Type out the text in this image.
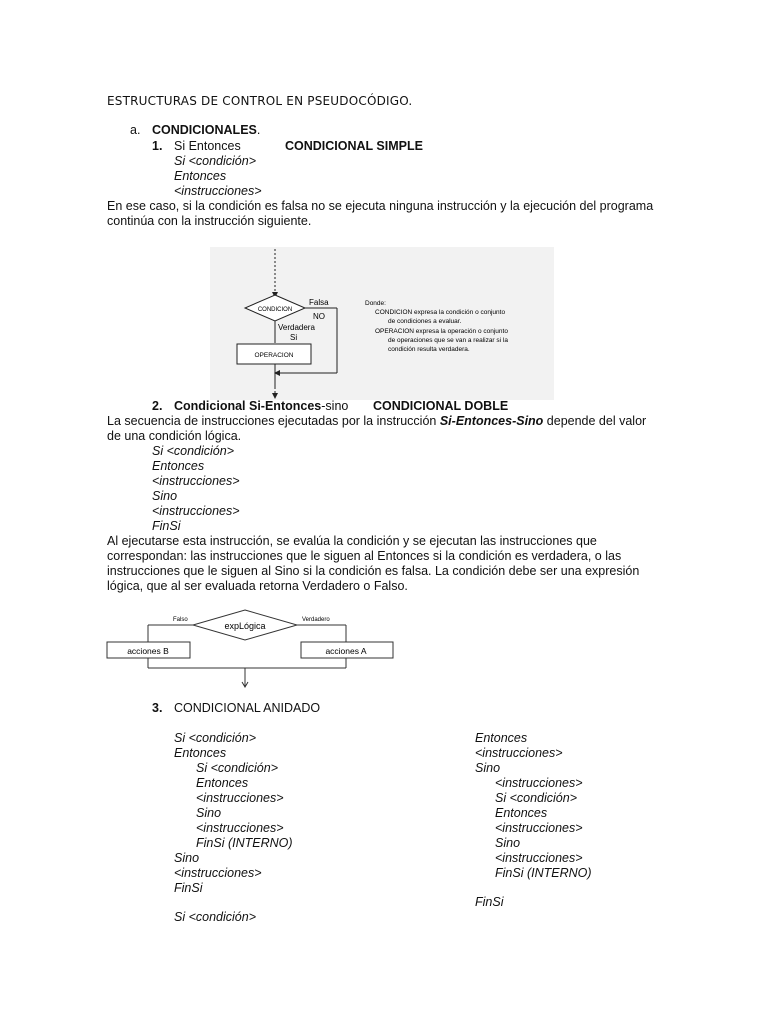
ESTRUCTURAS DE CONTROL EN PSEUDOCÓDIGO.
a. CONDICIONALES.
1. Si Entonces	CONDICIONAL SIMPLE
Si <condición>
Entonces
<instrucciones>
En ese caso, si la condición es falsa no se ejecuta ninguna instrucción y la ejecución del programa
continúa con la instrucción siguiente.
CONDICION
Falsa
NO
Verdadera
Si
OPERACION
Donde:
CONDICION expresa la condición o conjunto
de condiciones a evaluar.
OPERACION expresa la operación o conjunto
de operaciones que se van a realizar si la
condición resulta verdadera.
2. Condicional Si-Entonces-sino CONDICIONAL DOBLE
La secuencia de instrucciones ejecutadas por la instrucción Si-Entonces-Sino depende del valor
de una condición lógica.
Si <condición>
Entonces
<instrucciones>
Sino
<instrucciones>
FinSi
Al ejecutarse esta instrucción, se evalúa la condición y se ejecutan las instrucciones que
correspondan: las instrucciones que le siguen al Entonces si la condición es verdadera, o las
instrucciones que le siguen al Sino si la condición es falsa. La condición debe ser una expresión
lógica, que al ser evaluada retorna Verdadero o Falso.
expLógica
Falso	Verdadero
acciones B	acciones A
3. CONDICIONAL ANIDADO
Si <condición>
Entonces
Si <condición>
Entonces
<instrucciones>
Sino
<instrucciones>
FinSi (INTERNO)
Sino
<instrucciones>
FinSi
Si <condición>
Entonces
<instrucciones>
Sino
<instrucciones>
Si <condición>
Entonces
<instrucciones>
Sino
<instrucciones>
FinSi (INTERNO)
FinSi
